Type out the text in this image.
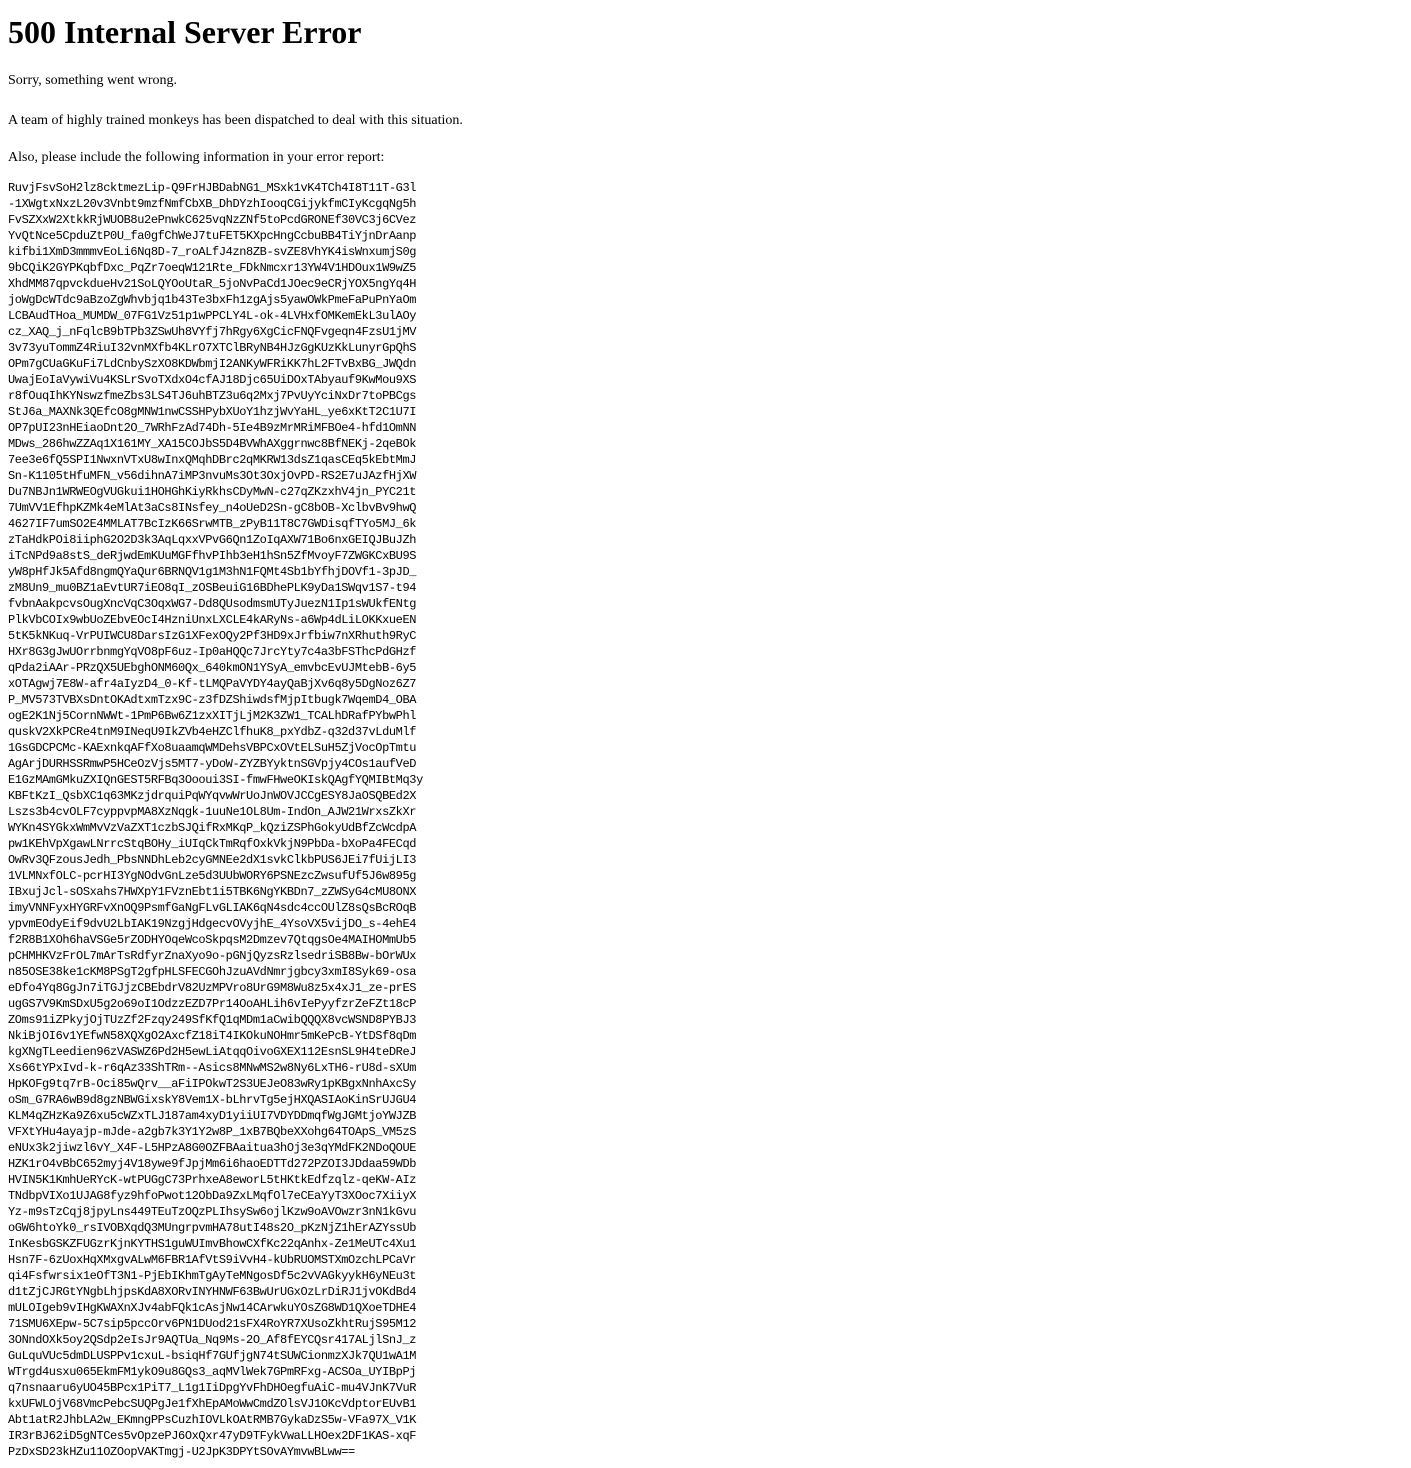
500 Internal Server Error

Sorry, something went wrong.

A team of highly trained monkeys has been dispatched to deal with this situation.

Also, please include the following information in your error report:

RuvjFsvSoH2lz8cktmezLip-Q9FrHJBDabNG1_MSxk1vK4TCh4I8T11T-G3l
-1XWgtxNxzL20v3Vnbt9mzfNmfCbXB_DhDYzhIooqCGijykfmCIyKcgqNg5h
FvSZXxW2XtkkRjWUOB8u2ePnwkC625vqNzZNf5toPcdGRONEf30VC3j6CVez
YvQtNce5CpduZtP0U_fa0gfChWeJ7tuFET5KXpcHngCcbuBB4TiYjnDrAanp
kifbi1XmD3mmmvEoLi6Nq8D-7_roALfJ4zn8ZB-svZE8VhYK4isWnxumjS0g
9bCQiK2GYPKqbfDxc_PqZr7oeqW121Rte_FDkNmcxr13YW4V1HDOux1W9wZ5
XhdMM87qpvckdueHv21SoLQYOoUtaR_5joNvPaCd1JOec9eCRjYOX5ngYq4H
joWgDcWTdc9aBzoZgWhvbjq1b43Te3bxFh1zgAjs5yawOWkPmeFaPuPnYaOm
LCBAudTHoa_MUMDW_07FG1Vz51p1wPPCLY4L-ok-4LVHxfOMKemEkL3ulAOy
cz_XAQ_j_nFqlcB9bTPb3ZSwUh8VYfj7hRgy6XgCicFNQFvgeqn4FzsU1jMV
3v73yuTommZ4RiuI32vnMXfb4KLrO7XTClBRyNB4HJzGgKUzKkLunyrGpQhS
OPm7gCUaGKuFi7LdCnbySzXO8KDWbmjI2ANKyWFRiKK7hL2FTvBxBG_JWQdn
UwajEoIaVywiVu4KSLrSvoTXdxO4cfAJ18Djc65UiDOxTAbyauf9KwMou9XS
r8fOuqIhKYNswzfmeZbs3LS4TJ6uhBTZ3u6q2Mxj7PvUyYciNxDr7toPBCgs
StJ6a_MAXNk3QEfcO8gMNW1nwCSSHPybXUoY1hzjWvYaHL_ye6xKtT2C1U7I
OP7pUI23nHEiaoDnt2O_7WRhFzAd74Dh-5Ie4B9zMrMRiMFBOe4-hfd1OmNN
MDws_286hwZZAq1X161MY_XA15COJbS5D4BVWhAXggrnwc8BfNEKj-2qeBOk
7ee3e6fQ5SPI1NwxnVTxU8wInxQMqhDBrc2qMKRW13dsZ1qasCEq5kEbtMmJ
Sn-K1105tHfuMFN_v56dihnA7iMP3nvuMs3Ot3OxjOvPD-RS2E7uJAzfHjXW
Du7NBJn1WRWEOgVUGkui1HOHGhKiyRkhsCDyMwN-c27qZKzxhV4jn_PYC21t
7UmVV1EfhpKZMk4eMlAt3aCs8INsfey_n4oUeD2Sn-gC8bOB-XclbvBv9hwQ
4627IF7umSO2E4MMLAT7BcIzK66SrwMTB_zPyB11T8C7GWDisqfTYo5MJ_6k
zTaHdkPOi8iiphG2O2D3k3AqLqxxVPvG6Qn1ZoIqAXW71Bo6nxGEIQJBuJZh
iTcNPd9a8stS_deRjwdEmKUuMGFfhvPIhb3eH1hSn5ZfMvoyF7ZWGKCxBU9S
yW8pHfJk5Afd8ngmQYaQur6BRNQV1g1M3hN1FQMt4Sb1bYfhjDOVf1-3pJD_
zM8Un9_mu0BZ1aEvtUR7iEO8qI_zOSBeuiG16BDhePLK9yDa1SWqv1S7-t94
fvbnAakpcvsOugXncVqC3OqxWG7-Dd8QUsodmsmUTyJuezN1Ip1sWUkfENtg
PlkVbCOIx9wbUoZEbvEOcI4HzniUnxLXCLE4kARyNs-a6Wp4dLiLOKKxueEN
5tK5kNKuq-VrPUIWCU8DarsIzG1XFexOQy2Pf3HD9xJrfbiw7nXRhuth9RyC
HXr8G3gJwUOrrbnmgYqVO8pF6uz-Ip0aHQQc7JrcYty7c4a3bFSThcPdGHzf
qPda2iAAr-PRzQX5UEbghONM60Qx_640kmON1YSyA_emvbcEvUJMtebB-6y5
xOTAgwj7E8W-afr4aIyzD4_0-Kf-tLMQPaVYDY4ayQaBjXv6q8y5DgNoz6Z7
P_MV573TVBXsDntOKAdtxmTzx9C-z3fDZShiwdsfMjpItbugk7WqemD4_OBA
ogE2K1Nj5CornNWWt-1PmP6Bw6Z1zxXITjLjM2K3ZW1_TCALhDRafPYbwPhl
quskV2XkPCRe4tnM9INeqU9IkZVb4eHZClfhuK8_pxYdbZ-q32d37vLduMlf
1GsGDCPCMc-KAExnkqAFfXo8uaamqWMDehsVBPCxOVtELSuH5ZjVocOpTmtu
AgArjDURHSSRmwP5HCeOzVjs5MT7-yDoW-ZYZBYyktnSGVpjy4COs1aufVeD
E1GzMAmGMkuZXIQnGEST5RFBq3Oooui3SI-fmwFHweOKIskQAgfYQMIBtMq3y
KBFtKzI_QsbXC1q63MKzjdrquiPqWYqvwWrUoJnWOVJCCgESY8JaOSQBEd2X
Lszs3b4cvOLF7cyppvpMA8XzNqgk-1uuNe1OL8Um-IndOn_AJW21WrxsZkXr
WYKn4SYGkxWmMvVzVaZXT1czbSJQifRxMKqP_kQziZSPhGokyUdBfZcWcdpA
pw1KEhVpXgawLNrrcStqBOHy_iUIqCkTmRqfOxkVkjN9PbDa-bXoPa4FECqd
OwRv3QFzousJedh_PbsNNDhLeb2cyGMNEe2dX1svkClkbPUS6JEi7fUijLI3
1VLMNxfOLC-pcrHI3YgNOdvGnLze5d3UUbWORY6PSNEzcZwsufUf5J6w895g
IBxujJcl-sOSxahs7HWXpY1FVznEbt1i5TBK6NgYKBDn7_zZWSyG4cMU8ONX
imyVNNFyxHYGRFvXnOQ9PsmfGaNgFLvGLIAK6qN4sdc4ccOUlZ8sQsBcROqB
ypvmEOdyEif9dvU2LbIAK19NzgjHdgecvOVyjhE_4YsoVX5vijDO_s-4ehE4
f2R8B1XOh6haVSGe5rZODHYOqeWcoSkpqsM2Dmzev7QtqgsOe4MAIHOMmUb5
pCHMHKVzFrOL7mArTsRdfyrZnaXyo9o-pGNjQyzsRzlsedriSB8Bw-bOrWUx
n85OSE38ke1cKM8PSgT2gfpHLSFECGOhJzuAVdNmrjgbcy3xmI8Syk69-osa
eDfo4Yq8GgJn7iTGJjzCBEbdrV82UzMPVro8UrG9M8Wu8z5x4xJ1_ze-prES
ugGS7V9KmSDxU5g2o69oI1OdzzEZD7Pr14OoAHLih6vIePyyfzrZeFZt18cP
ZOms91iZPkyjOjTUzZf2Fzqy249SfKfQ1qMDm1aCwibQQQX8vcWSND8PYBJ3
NkiBjOI6v1YEfwN58XQXgO2AxcfZ18iT4IKOkuNOHmr5mKePcB-YtDSf8qDm
kgXNgTLeedien96zVASWZ6Pd2H5ewLiAtqqOivoGXEX112EsnSL9H4teDReJ
Xs66tYPxIvd-k-r6qAz33ShTRm--Asics8MNwMS2w8Ny6LxTH6-rU8d-sXUm
HpKOFg9tq7rB-Oci85wQrv__aFiIPOkwT2S3UEJeO83wRy1pKBgxNnhAxcSy
oSm_G7RA6wB9d8gzNBWGixskY8Vem1X-bLhrvTg5ejHXQASIAoKinSrUJGU4
KLM4qZHzKa9Z6xu5cWZxTLJ187am4xyD1yiiUI7VDYDDmqfWgJGMtjoYWJZB
VFXtYHu4ayajp-mJde-a2gb7k3Y1Y2w8P_1xB7BQbeXXohg64TOApS_VM5zS
eNUx3k2jiwzl6vY_X4F-L5HPzA8G0OZFBAaitua3hOj3e3qYMdFK2NDoQOUE
HZK1rO4vBbC652myj4V18ywe9fJpjMm6i6haoEDTTd272PZOI3JDdaa59WDb
HVIN5K1KmhUeRYcK-wtPUGgC73PrhxeA8eworL5tHKtkEdfzqlz-qeKW-AIz
TNdbpVIXo1UJAG8fyz9hfoPwot12ObDa9ZxLMqfOl7eCEaYyT3XOoc7XiiyX
Yz-m9sTzCqj8jpyLns449TEuTzOQzPLIhsySw6ojlKzw9oAVOwzr3nN1kGvu
oGW6htoYk0_rsIVOBXqdQ3MUngrpvmHA78utI48s2O_pKzNjZ1hErAZYssUb
InKesbGSKZFUGzrKjnKYTHS1guWUImvBhowCXfKc22qAnhx-Ze1MeUTc4Xu1
Hsn7F-6zUoxHqXMxgvALwM6FBR1AfVtS9iVvH4-kUbRUOMSTXmOzchLPCaVr
qi4Fsfwrsix1eOfT3N1-PjEbIKhmTgAyTeMNgosDf5c2vVAGkyykH6yNEu3t
d1tZjCJRGtYNgbLhjpsKdA8XORvINYHNWF63BwUrUGxOzLrDiRJ1jvOKdBd4
mULOIgeb9vIHgKWAXnXJv4abFQk1cAsjNw14CArwkuYOsZG8WD1QXoeTDHE4
71SMU6XEpw-5C7sip5pccOrv6PN1DUod21sFX4RoYR7XUsoZkhtRujS95M12
3ONndOXk5oy2QSdp2eIsJr9AQTUa_Nq9Ms-2O_Af8fEYCQsr417ALjlSnJ_z
GuLquVUc5dmDLUSPPv1cxuL-bsiqHf7GUfjgN74tSUWCionmzXJk7QU1wA1M
WTrgd4usxu065EkmFM1ykO9u8GQs3_aqMVlWek7GPmRFxg-ACSOa_UYIBpPj
q7nsnaaru6yUO45BPcx1PiT7_L1g1IiDpgYvFhDHOegfuAiC-mu4VJnK7VuR
kxUFWLOjV68VmcPebcSUQPgJe1fXhEpAMoWwCmdZOlsVJ1OKcVdptorEUvB1
Abt1atR2JhbLA2w_EKmngPPsCuzhIOVLkOAtRMB7GykaDzS5w-VFa97X_V1K
IR3rBJ62iD5gNTCes5vOpzePJ6OxQxr47yD9TFykVwaLLHOex2DF1KAS-xqF
PzDxSD23kHZu11OZOopVAKTmgj-U2JpK3DPYtSOvAYmvwBLww==
